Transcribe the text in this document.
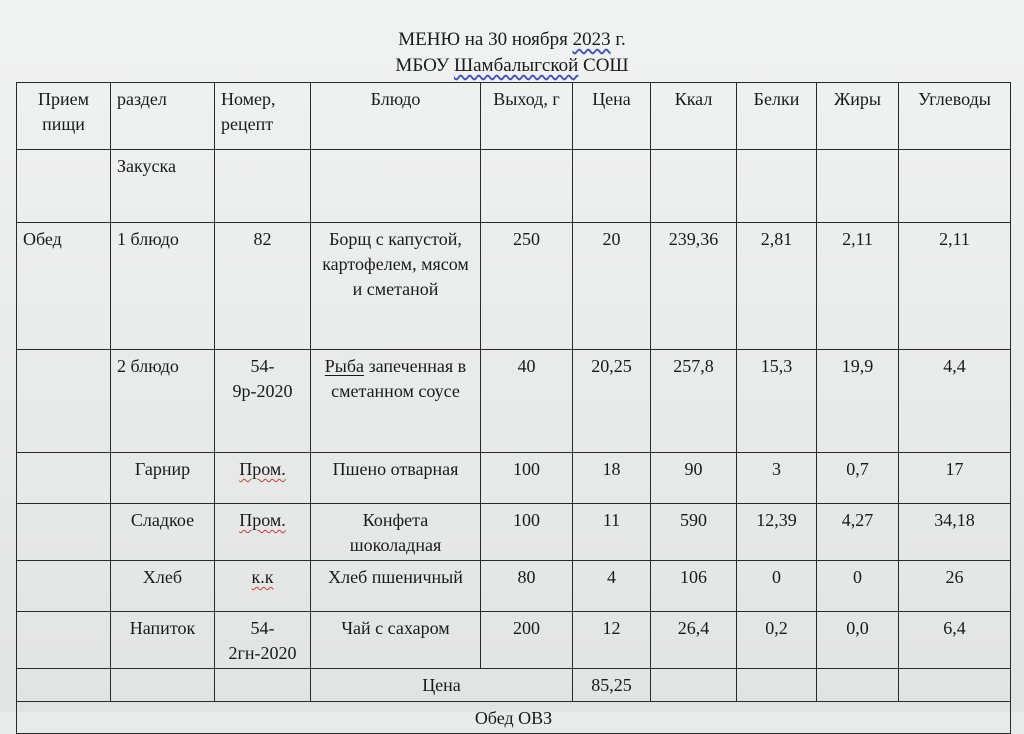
МЕНЮ на 30 ноября 2023 г.
МБОУ Шамбалыгской СОШ
Прием пищи	раздел	Номер, рецепт	Блюдо	Выход, г	Цена	Ккал	Белки	Жиры	Углеводы
	Закуска								
Обед	1 блюдо	82	Борщ с капустой, картофелем, мясом и сметаной	250	20	239,36	2,81	2,11	2,11
	2 блюдо	54-9р-2020	Рыба запеченная в сметанном соусе	40	20,25	257,8	15,3	19,9	4,4
	Гарнир	Пром.	Пшено отварная	100	18	90	3	0,7	17
	Сладкое	Пром.	Конфета шоколадная	100	11	590	12,39	4,27	34,18
	Хлеб	к.к	Хлеб пшеничный	80	4	106	0	0	26
	Напиток	54-2гн-2020	Чай с сахаром	200	12	26,4	0,2	0,0	6,4
			Цена		85,25				
Обед ОВЗ									
